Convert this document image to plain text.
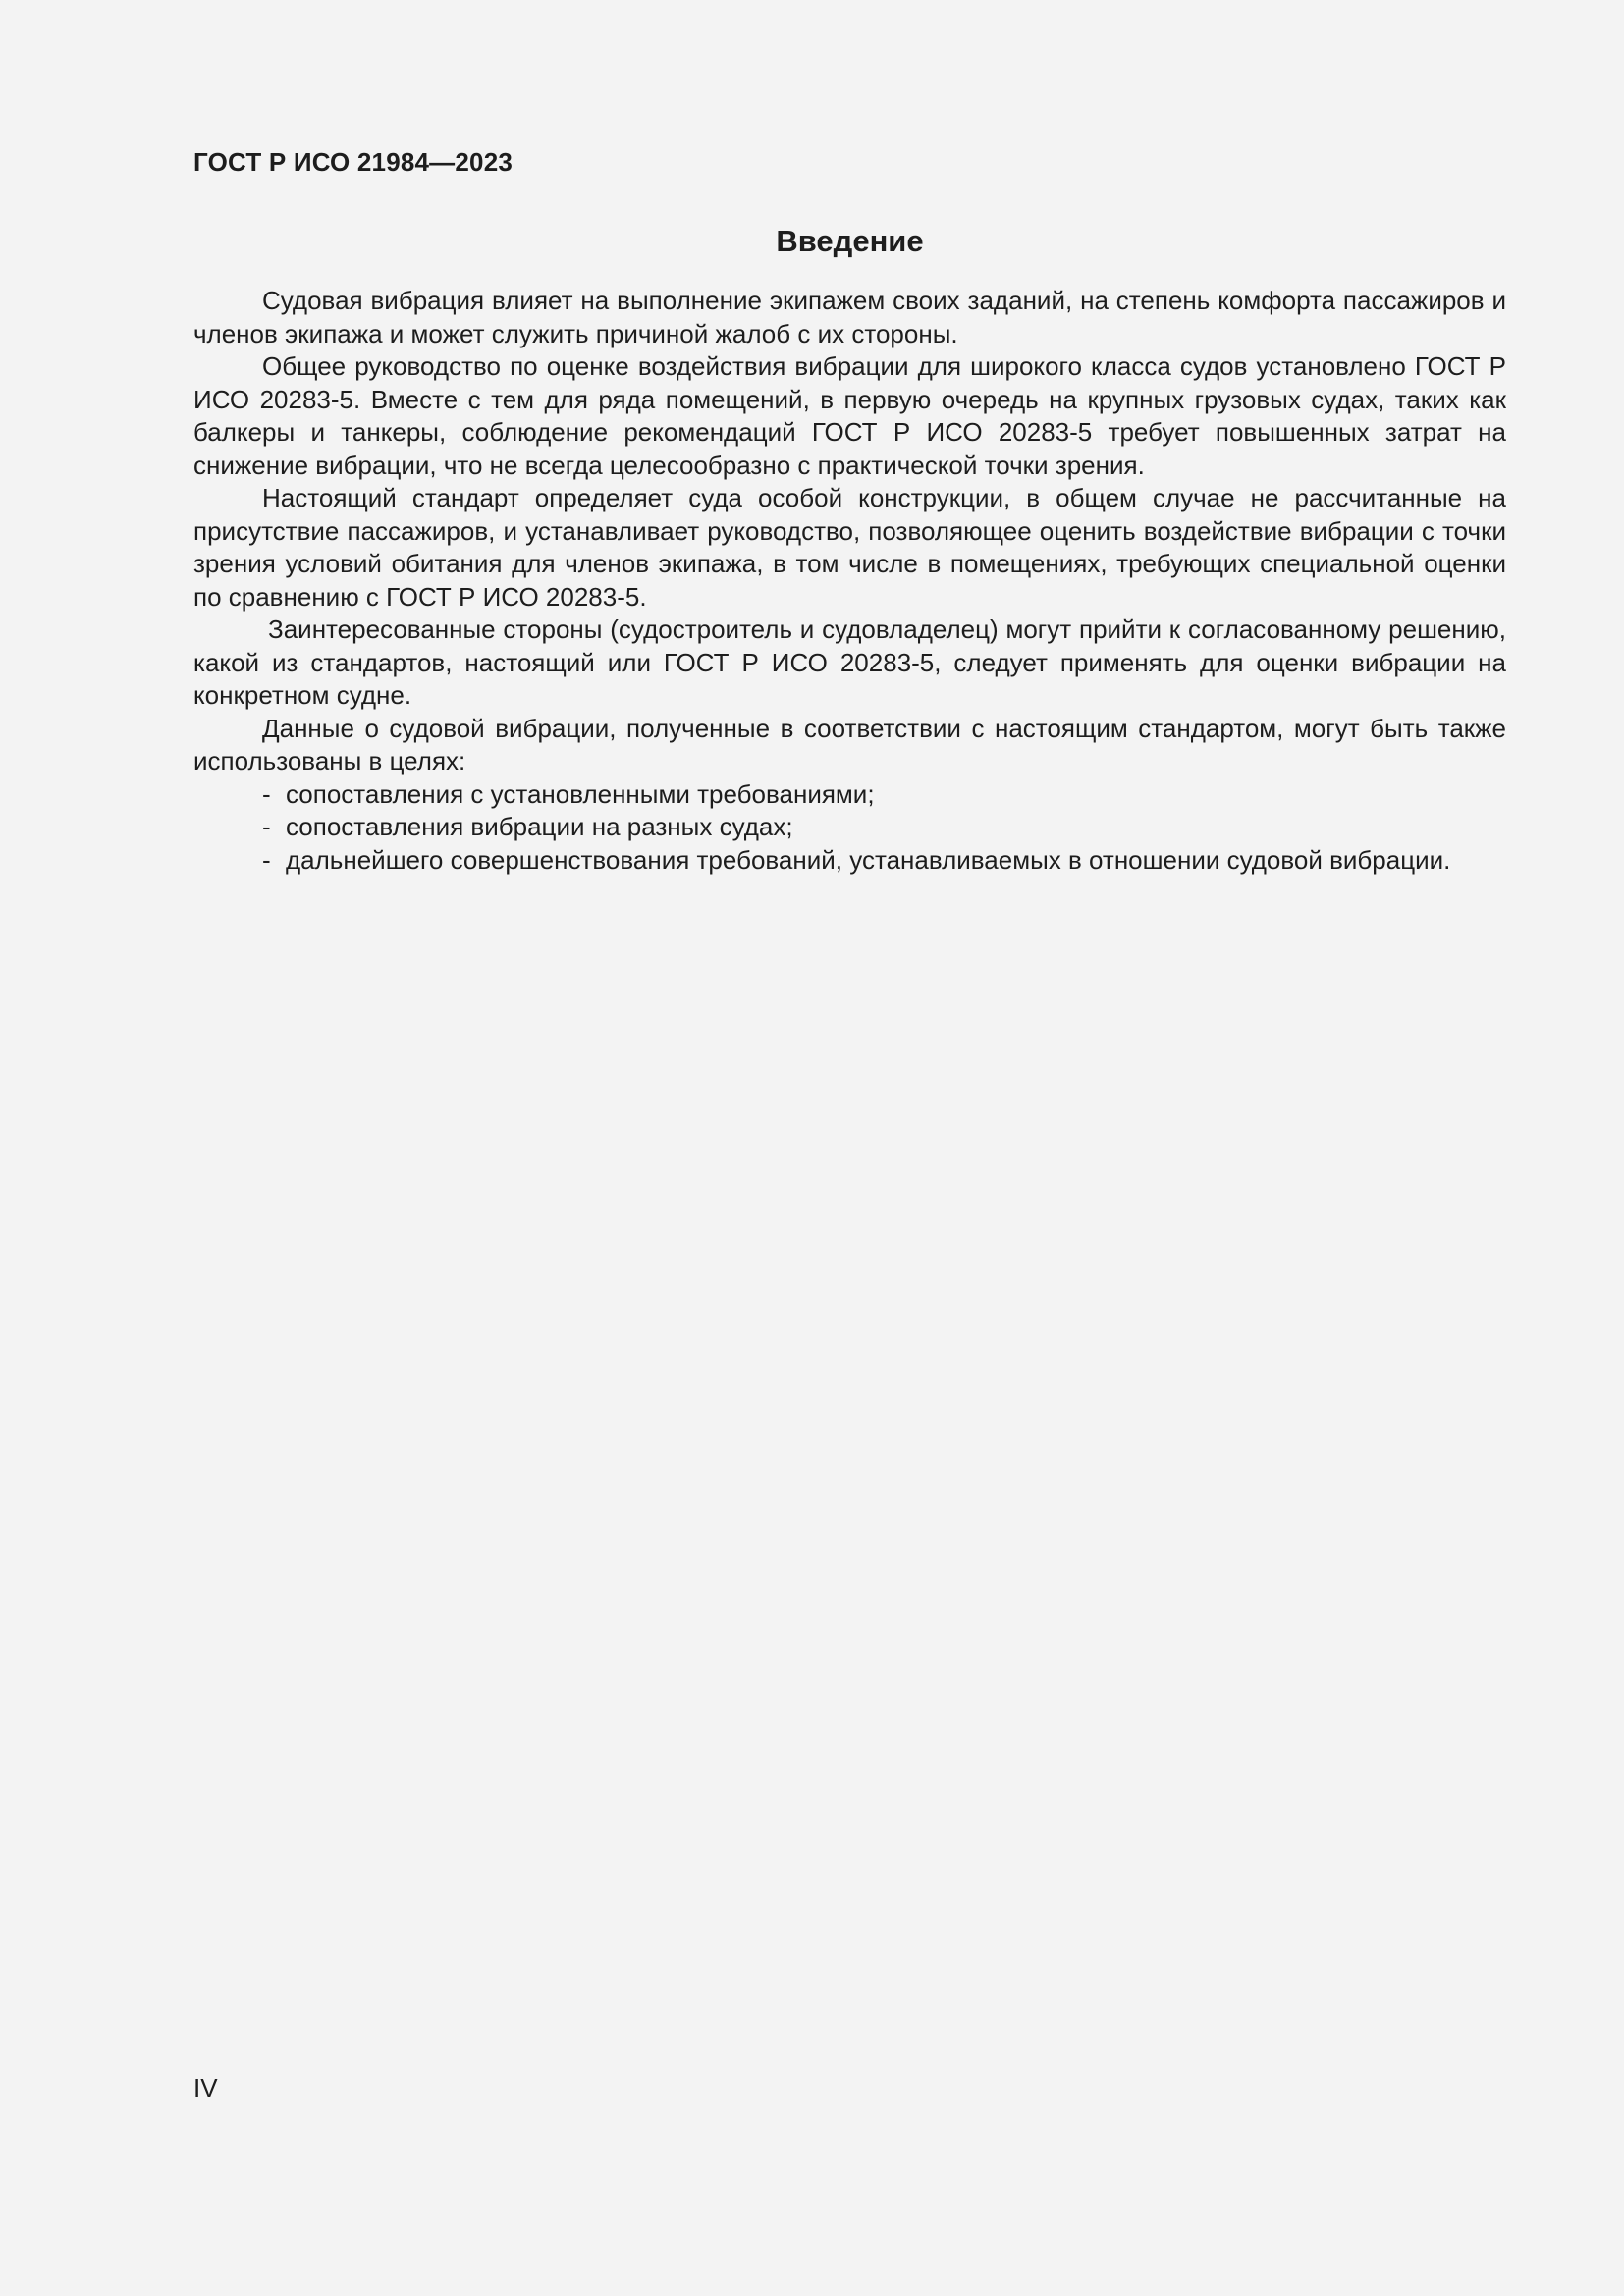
ГОСТ Р ИСО 21984—2023
Введение

Судовая вибрация влияет на выполнение экипажем своих заданий, на степень комфорта пассажиров и членов экипажа и может служить причиной жалоб с их стороны.

Общее руководство по оценке воздействия вибрации для широкого класса судов установлено ГОСТ Р ИСО 20283-5. Вместе с тем для ряда помещений, в первую очередь на крупных грузовых судах, таких как балкеры и танкеры, соблюдение рекомендаций ГОСТ Р ИСО 20283-5 требует повышенных затрат на снижение вибрации, что не всегда целесообразно с практической точки зрения.

Настоящий стандарт определяет суда особой конструкции, в общем случае не рассчитанные на присутствие пассажиров, и устанавливает руководство, позволяющее оценить воздействие вибрации с точки зрения условий обитания для членов экипажа, в том числе в помещениях, требующих специальной оценки по сравнению с ГОСТ Р ИСО 20283-5.

Заинтересованные стороны (судостроитель и судовладелец) могут прийти к согласованному решению, какой из стандартов, настоящий или ГОСТ Р ИСО 20283-5, следует применять для оценки вибрации на конкретном судне.

Данные о судовой вибрации, полученные в соответствии с настоящим стандартом, могут быть также использованы в целях:

- сопоставления с установленными требованиями;
- сопоставления вибрации на разных судах;
- дальнейшего совершенствования требований, устанавливаемых в отношении судовой вибрации.

IV
